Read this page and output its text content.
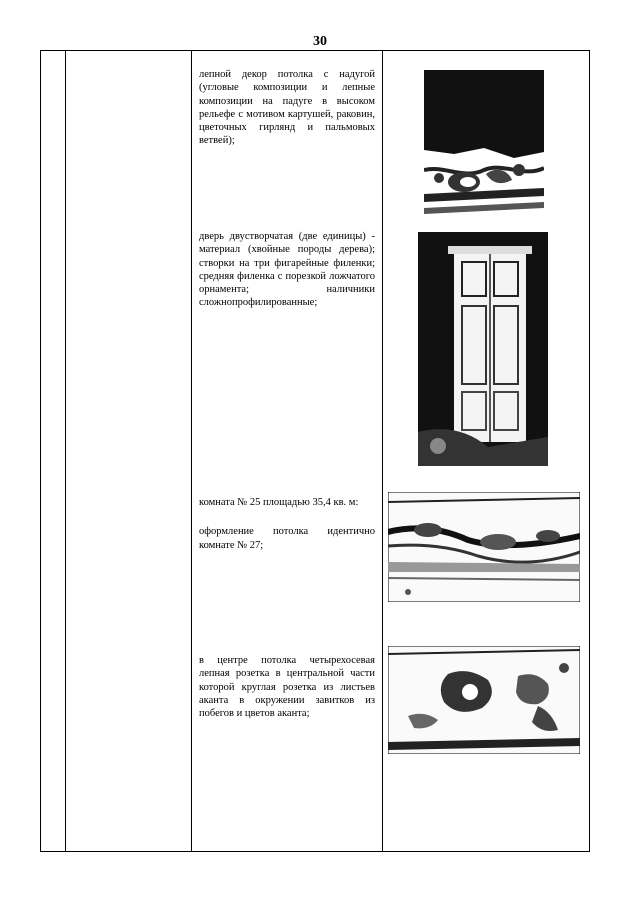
30

лепной декор потолка с надугой (угловые композиции и лепные композиции на падуге в высоком рельефе с мотивом картушей, раковин, цветочных гирлянд и пальмовых ветвей);

дверь двустворчатая (две единицы) - материал (хвойные породы дерева); створки на три фигарейные филенки; средняя филенка с порезкой ложчатого орнамента; наличники сложнопрофилированные;

комната № 25 площадью 35,4 кв. м:

оформление потолка идентично комнате № 27;

в центре потолка четырехосевая лепная розетка в центральной части которой круглая розетка из листьев аканта в окружении завитков из побегов и цветов аканта;
